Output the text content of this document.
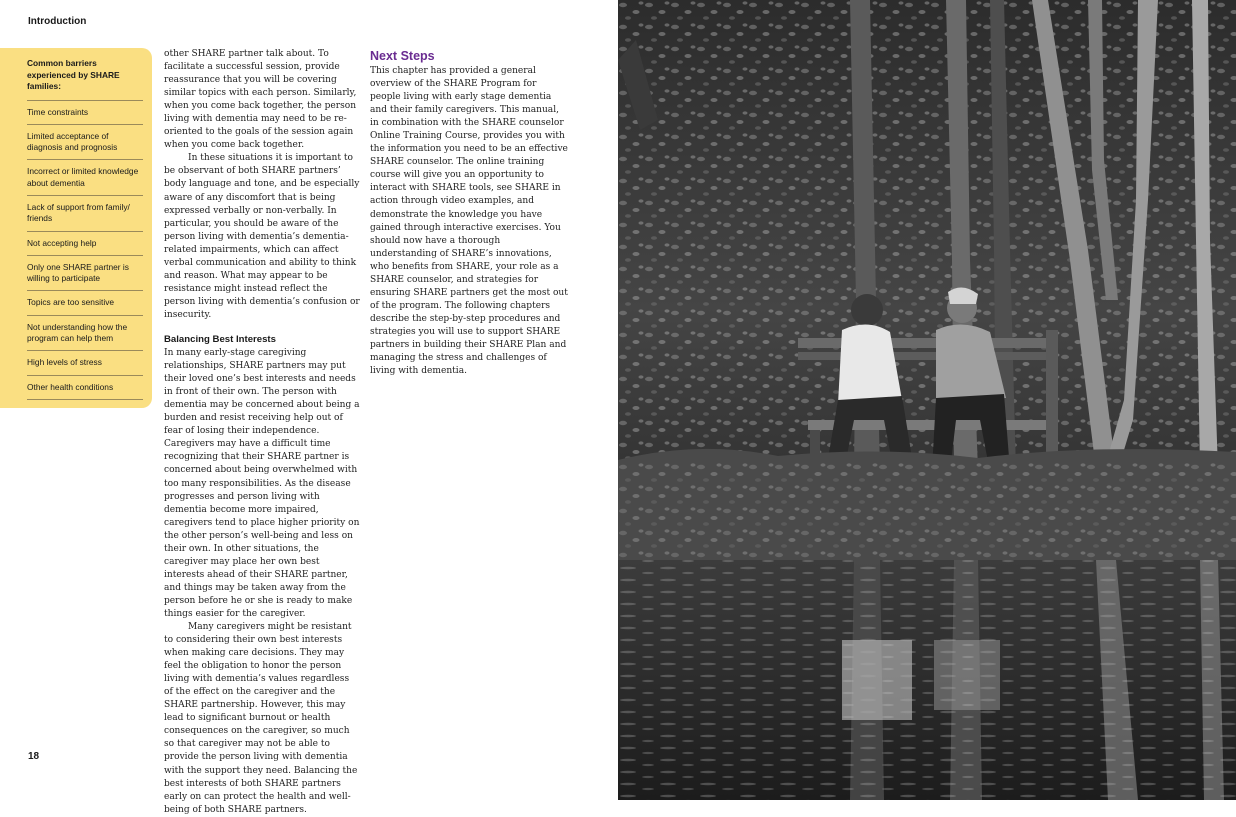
Introduction
Common barriers experienced by SHARE families:
Time constraints
Limited acceptance of diagnosis and prognosis
Incorrect or limited knowledge about dementia
Lack of support from family/ friends
Not accepting help
Only one SHARE partner is willing to participate
Topics are too sensitive
Not understanding how the program can help them
High levels of stress
Other health conditions

other SHARE partner talk about. To facilitate a successful session, provide reassurance that you will be covering similar topics with each person. Similarly, when you come back together, the person living with dementia may need to be re-oriented to the goals of the session again when you come back together.

In these situations it is important to be observant of both SHARE partners’ body language and tone, and be especially aware of any discomfort that is being expressed verbally or non-verbally. In particular, you should be aware of the person living with dementia’s dementia-related impairments, which can affect verbal communication and ability to think and reason. What may appear to be resistance might instead reflect the person living with dementia’s confusion or insecurity.

Balancing Best Interests

In many early-stage caregiving relationships, SHARE partners may put their loved one’s best interests and needs in front of their own. The person with dementia may be concerned about being a burden and resist receiving help out of fear of losing their independence. Caregivers may have a difficult time recognizing that their SHARE partner is concerned about being overwhelmed with too many responsibilities. As the disease progresses and person living with dementia become more impaired, caregivers tend to place higher priority on the other person’s well-being and less on their own. In other situations, the caregiver may place her own best interests ahead of their SHARE partner, and things may be taken away from the person before he or she is ready to make things easier for the caregiver.

Many caregivers might be resistant to considering their own best interests when making care decisions. They may feel the obligation to honor the person living with dementia’s values regardless of the effect on the caregiver and the SHARE partnership. However, this may lead to significant burnout or health consequences on the caregiver, so much so that caregiver may not be able to provide the person living with dementia with the support they need. Balancing the best interests of both SHARE partners early on can protect the health and well-being of both SHARE partners.

Next Steps

This chapter has provided a general overview of the SHARE Program for people living with early stage dementia and their family caregivers. This manual, in combination with the SHARE counselor Online Training Course, provides you with the information you need to be an effective SHARE counselor. The online training course will give you an opportunity to interact with SHARE tools, see SHARE in action through video examples, and demonstrate the knowledge you have gained through interactive exercises. You should now have a thorough understanding of SHARE’s innovations, who benefits from SHARE, your role as a SHARE counselor, and strategies for ensuring SHARE partners get the most out of the program. The following chapters describe the step-by-step procedures and strategies you will use to support SHARE partners in building their SHARE Plan and managing the stress and challenges of living with dementia.

18
